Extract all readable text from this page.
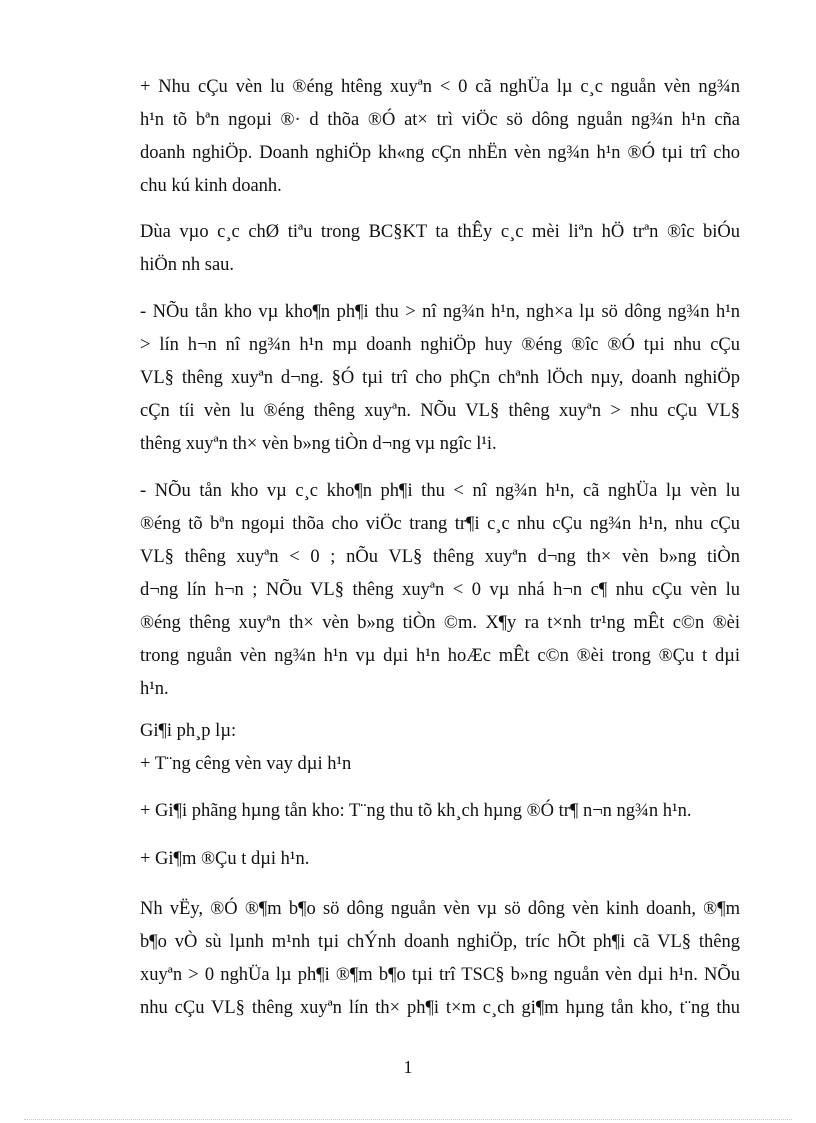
+ Nhu cÇu vèn lu ®éng htêng xuyªn < 0 cã nghÜa lµ c¸c nguån vèn ng¾n
h¹n tõ bªn ngoµi ®· d thõa ®Ó at× trì viÖc sö dông nguån ng¾n h¹n cña
doanh nghiÖp. Doanh nghiÖp kh«ng cÇn nhËn vèn ng¾n h¹n ®Ó tµi trî cho
chu kú kinh doanh.
Dùa vµo c¸c chØ tiªu trong BC§KT ta thÊy c¸c mèi liªn hÖ trªn ®îc biÓu
hiÖn nh sau.
- NÕu tån kho vµ kho¶n ph¶i thu > nî ng¾n h¹n, ngh×a lµ sö dông ng¾n h¹n
> lín h¬n nî ng¾n h¹n mµ doanh nghiÖp huy ®éng ®îc ®Ó tµi nhu cÇu
VL§ thêng xuyªn d¬ng. §Ó tµi trî cho phÇn chªnh lÖch nµy, doanh nghiÖp
cÇn tíi vèn lu ®éng thêng xuyªn. NÕu VL§ thêng xuyªn > nhu cÇu VL§
thêng xuyªn th× vèn b»ng tiÒn d¬ng vµ ngîc l¹i.
- NÕu tån kho vµ c¸c kho¶n ph¶i thu < nî ng¾n h¹n, cã nghÜa lµ vèn lu
®éng tõ bªn ngoµi thõa cho viÖc trang tr¶i c¸c nhu cÇu ng¾n h¹n, nhu cÇu
VL§ thêng xuyªn < 0 ; nÕu VL§ thêng xuyªn d¬ng th× vèn b»ng tiÒn
d¬ng lín h¬n ; NÕu VL§ thêng xuyªn < 0 vµ nhá h¬n c¶ nhu cÇu vèn lu
®éng thêng xuyªn th× vèn b»ng tiÒn ©m. X¶y ra t×nh tr¹ng mÊt c©n ®èi
trong nguån vèn ng¾n h¹n vµ dµi h¹n hoÆc mÊt c©n ®èi trong ®Çu t dµi
h¹n.
Gi¶i ph¸p lµ:
+ T¨ng cêng vèn vay dµi h¹n
+ Gi¶i phãng hµng tån kho: T¨ng thu tõ kh¸ch hµng ®Ó tr¶ n¬n ng¾n h¹n.
+ Gi¶m ®Çu t dµi h¹n.
Nh vËy, ®Ó ®¶m b¶o sö dông nguån vèn vµ sö dông vèn kinh doanh, ®¶m
b¶o vÒ sù lµnh m¹nh tµi chÝnh doanh nghiÖp, tríc hÕt ph¶i cã VL§ thêng
xuyªn > 0 nghÜa lµ ph¶i ®¶m b¶o tµi trî TSC§ b»ng nguån vèn dµi h¹n. NÕu
nhu cÇu VL§ thêng xuyªn lín th× ph¶i t×m c¸ch gi¶m hµng tån kho, t¨ng thu
1
